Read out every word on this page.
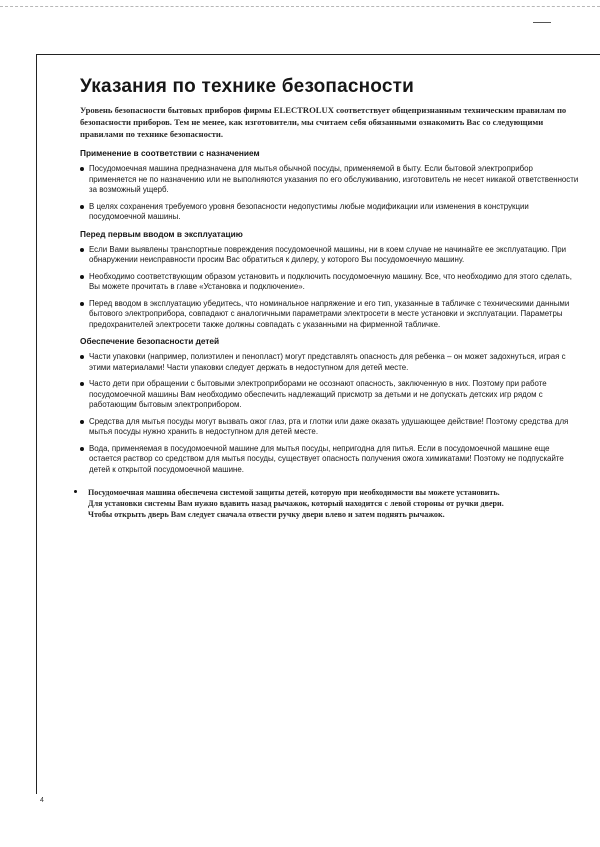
Указания по технике безопасности

Уровень безопасности бытовых приборов фирмы ELECTROLUX соответствует общепризнанным техническим правилам по безопасности приборов. Тем не менее, как изготовители, мы считаем себя обязанными ознакомить Вас со следующими правилами по технике безопасности.

Применение в соответствии с назначением
Посудомоечная машина предназначена для мытья обычной посуды, применяемой в быту. Если бытовой электроприбор применяется не по назначению или не выполняются указания по его обслуживанию, изготовитель не несет никакой ответственности за возможный ущерб.
В целях сохранения требуемого уровня безопасности недопустимы любые модификации или изменения в конструкции посудомоечной машины.
Перед первым вводом в эксплуатацию
Если Вами выявлены транспортные повреждения посудомоечной машины, ни в коем случае не начинайте ее эксплуатацию. При обнаружении неисправности просим Вас обратиться к дилеру, у которого Вы посудомоечную машину.
Необходимо соответствующим образом установить и подключить посудомоечную машину. Все, что необходимо для этого сделать, Вы можете прочитать в главе «Установка и подключение».
Перед вводом в эксплуатацию убедитесь, что номинальное напряжение и его тип, указанные в табличке с техническими данными бытового электроприбора, совпадают с аналогичными параметрами электросети в месте установки и эксплуатации. Параметры предохранителей электросети также должны совпадать с указанными на фирменной табличке.
Обеспечение безопасности детей
Части упаковки (например, полиэтилен и пенопласт) могут представлять опасность для ребенка – он может задохнуться, играя с этими материалами! Части упаковки следует держать в недоступном для детей месте.
Часто дети при обращении с бытовыми электроприборами не осознают опасность, заключенную в них. Поэтому при работе посудомоечной машины Вам необходимо обеспечить надлежащий присмотр за детьми и не допускать детских игр рядом с работающим бытовым электроприбором.
Средства для мытья посуды могут вызвать ожог глаз, рта и глотки или даже оказать удушающее действие! Поэтому средства для мытья посуды нужно хранить в недоступном для детей месте.
Вода, применяемая в посудомоечной машине для мытья посуды, непригодна для питья. Если в посудомоечной машине еще остается раствор со средством для мытья посуды, существует опасность получения ожога химикатами! Поэтому не подпускайте детей к открытой посудомоечной машине.
Посудомоечная машина обеспечена системой защиты детей, которую при необходимости вы можете установить. Для установки системы Вам нужно вдавить назад рычажок, который находится с левой стороны от ручки двери. Чтобы открыть дверь Вам следует сначала отвести ручку двери влево и затем поднять рычажок.
4
